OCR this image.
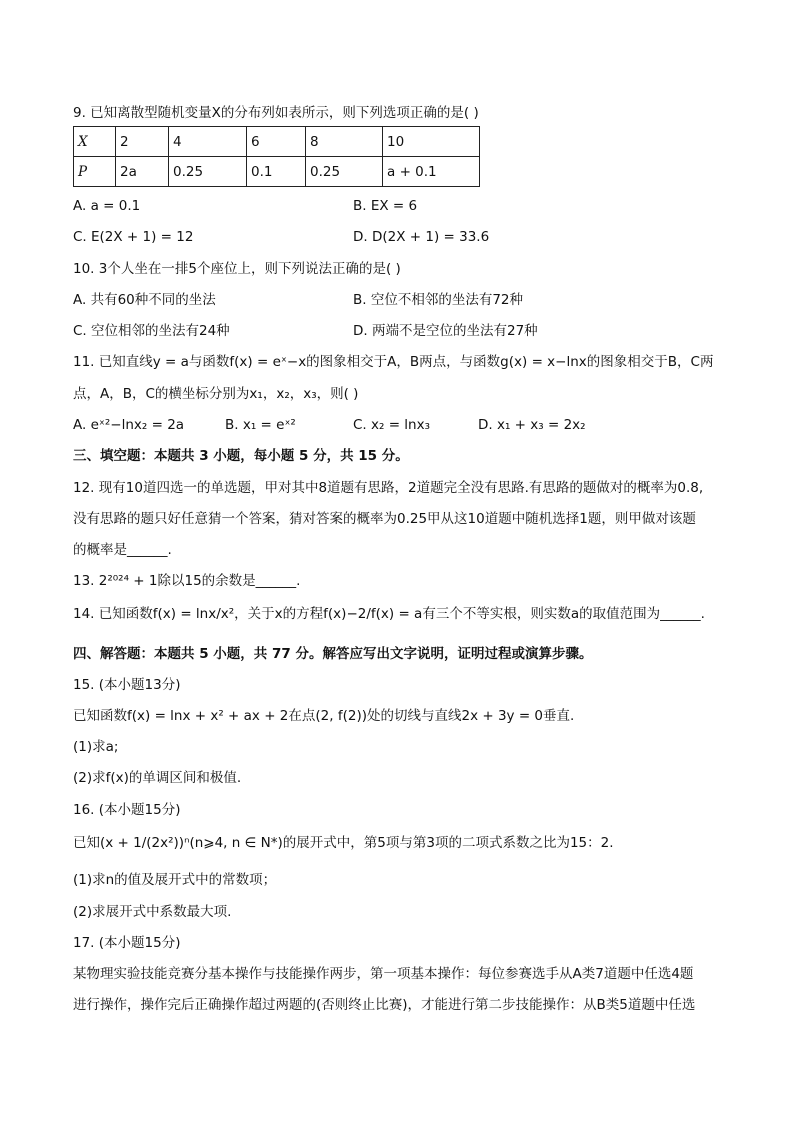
9. 已知离散型随机变量X的分布列如表所示，则下列选项正确的是( )
X	2	4	6	8	10
P	2a	0.25	0.1	0.25	a + 0.1
A. a = 0.1	B. EX = 6
C. E(2X + 1) = 12	D. D(2X + 1) = 33.6
10. 3个人坐在一排5个座位上，则下列说法正确的是( )
A. 共有60种不同的坐法	B. 空位不相邻的坐法有72种
C. 空位相邻的坐法有24种	D. 两端不是空位的坐法有27种
11. 已知直线y = a与函数f(x) = eˣ−x的图象相交于A，B两点，与函数g(x) = x−lnx的图象相交于B，C两
点，A，B，C的横坐标分别为x₁，x₂，x₃，则( )
A. eˣ²−lnx₂ = 2a	B. x₁ = eˣ²	C. x₂ = lnx₃	D. x₁ + x₃ = 2x₂
三、填空题：本题共 3 小题，每小题 5 分，共 15 分。
12. 现有10道四选一的单选题，甲对其中8道题有思路，2道题完全没有思路.有思路的题做对的概率为0.8,
没有思路的题只好任意猜一个答案，猜对答案的概率为0.25甲从这10道题中随机选择1题，则甲做对该题
的概率是______.
13. 2²⁰²⁴ + 1除以15的余数是______.
14. 已知函数f(x) = lnx/x²，关于x的方程f(x)−2/f(x) = a有三个不等实根，则实数a的取值范围为______.
四、解答题：本题共 5 小题，共 77 分。解答应写出文字说明，证明过程或演算步骤。
15. (本小题13分)
已知函数f(x) = lnx + x² + ax + 2在点(2, f(2))处的切线与直线2x + 3y = 0垂直.
(1)求a;
(2)求f(x)的单调区间和极值.
16. (本小题15分)
已知(x + 1/(2x²))ⁿ(n⩾4, n ∈ N*)的展开式中，第5项与第3项的二项式系数之比为15：2.
(1)求n的值及展开式中的常数项；
(2)求展开式中系数最大项.
17. (本小题15分)
某物理实验技能竞赛分基本操作与技能操作两步，第一项基本操作：每位参赛选手从A类7道题中任选4题
进行操作，操作完后正确操作超过两题的(否则终止比赛)，才能进行第二步技能操作：从B类5道题中任选
